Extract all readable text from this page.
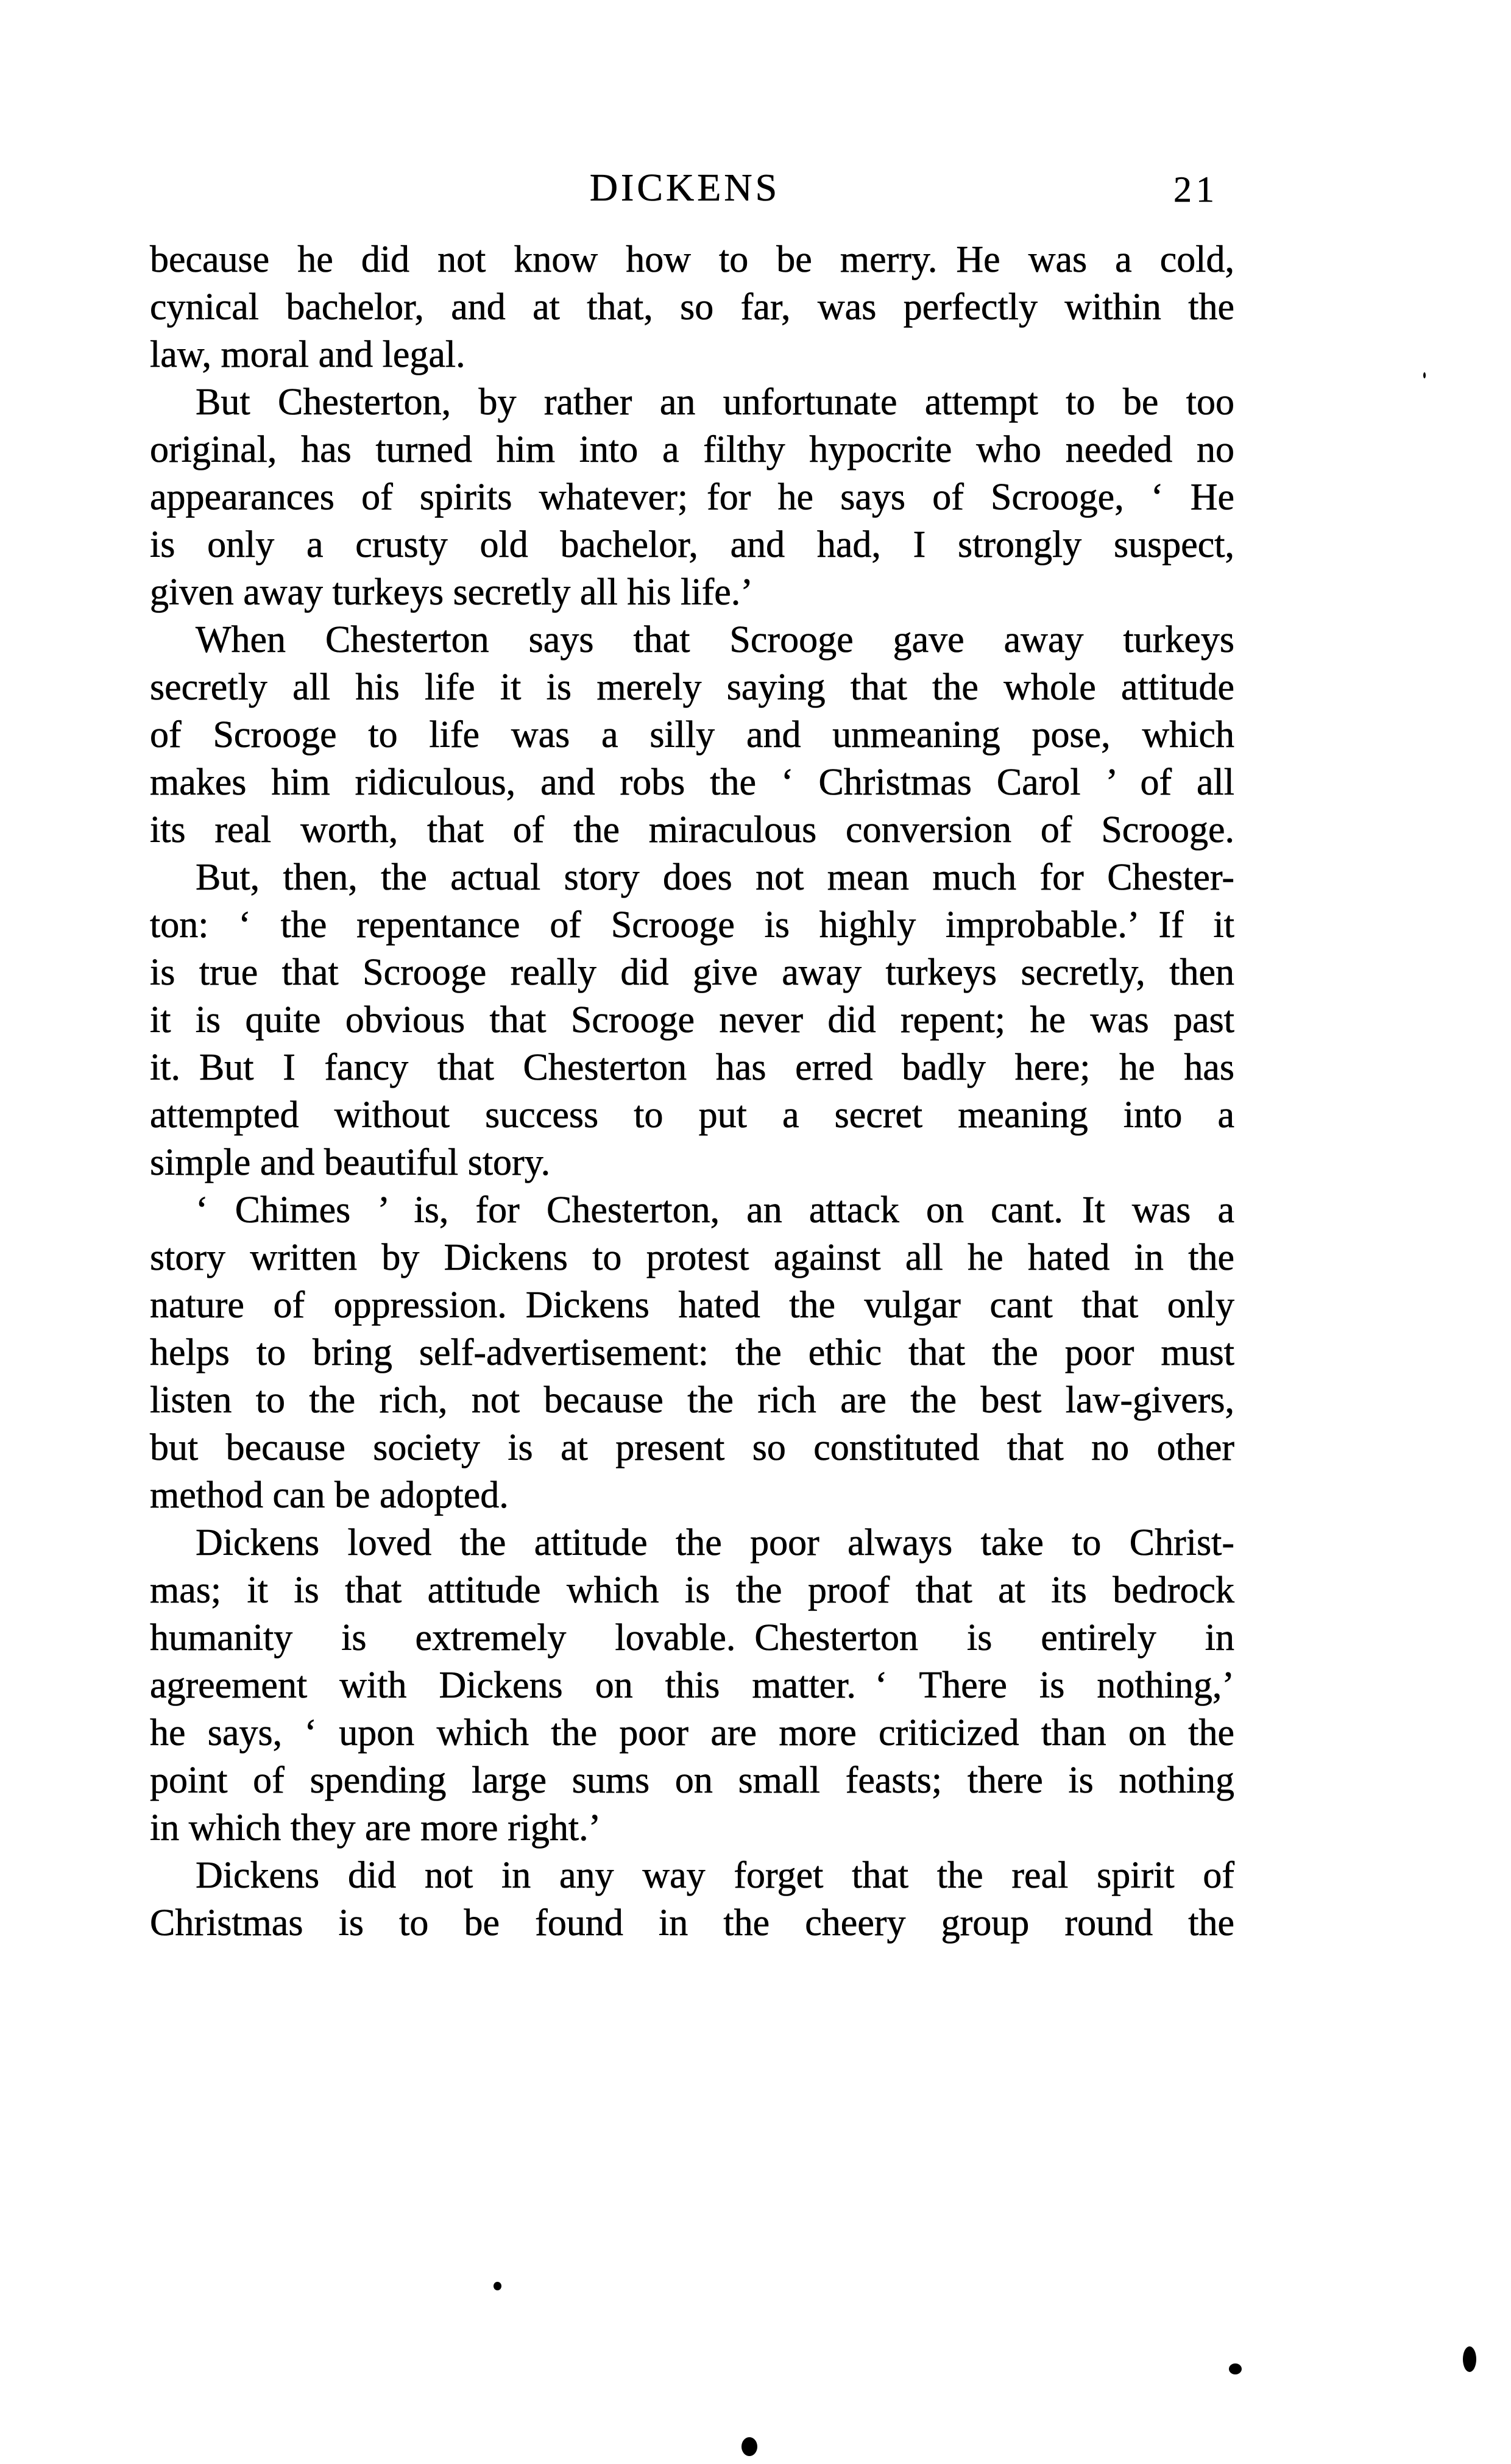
DICKENS	21
because he did not know how to be merry. He was a cold,
cynical bachelor, and at that, so far, was perfectly within the
law, moral and legal.
But Chesterton, by rather an unfortunate attempt to be too
original, has turned him into a filthy hypocrite who needed no
appearances of spirits whatever; for he says of Scrooge, ‘ He
is only a crusty old bachelor, and had, I strongly suspect,
given away turkeys secretly all his life.’
When Chesterton says that Scrooge gave away turkeys
secretly all his life it is merely saying that the whole attitude
of Scrooge to life was a silly and unmeaning pose, which
makes him ridiculous, and robs the ‘ Christmas Carol ’ of all
its real worth, that of the miraculous conversion of Scrooge.
But, then, the actual story does not mean much for Chester-
ton: ‘ the repentance of Scrooge is highly improbable.’ If it
is true that Scrooge really did give away turkeys secretly, then
it is quite obvious that Scrooge never did repent; he was past
it. But I fancy that Chesterton has erred badly here; he has
attempted without success to put a secret meaning into a
simple and beautiful story.
‘ Chimes ’ is, for Chesterton, an attack on cant. It was a
story written by Dickens to protest against all he hated in the
nature of oppression. Dickens hated the vulgar cant that only
helps to bring self-advertisement: the ethic that the poor must
listen to the rich, not because the rich are the best law-givers,
but because society is at present so constituted that no other
method can be adopted.
Dickens loved the attitude the poor always take to Christ-
mas; it is that attitude which is the proof that at its bedrock
humanity is extremely lovable. Chesterton is entirely in
agreement with Dickens on this matter. ‘ There is nothing,’
he says, ‘ upon which the poor are more criticized than on the
point of spending large sums on small feasts; there is nothing
in which they are more right.’
Dickens did not in any way forget that the real spirit of
Christmas is to be found in the cheery group round the
